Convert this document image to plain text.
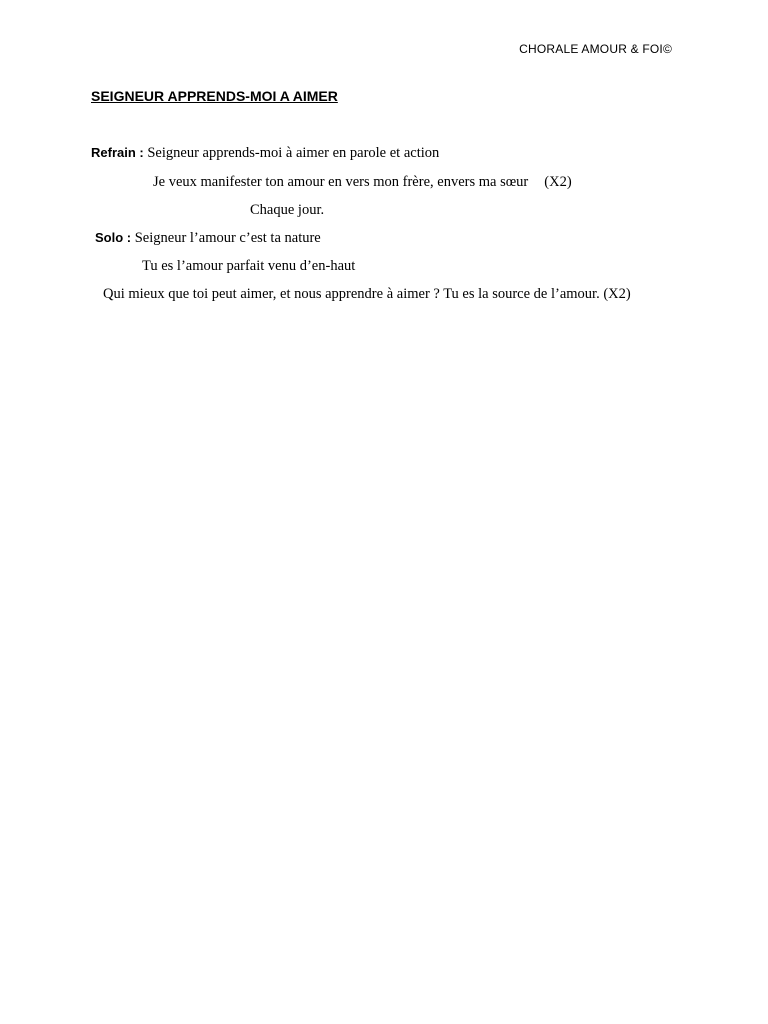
CHORALE AMOUR & FOI©
SEIGNEUR APPRENDS-MOI A AIMER
Refrain : Seigneur apprends-moi à aimer en parole et action
Je veux manifester ton amour en vers mon frère, envers ma sœur (X2)
Chaque jour.
Solo : Seigneur l’amour c’est ta nature
Tu es l’amour parfait venu d’en-haut
Qui mieux que toi peut aimer, et nous apprendre à aimer ? Tu es la source de l’amour. (X2)
